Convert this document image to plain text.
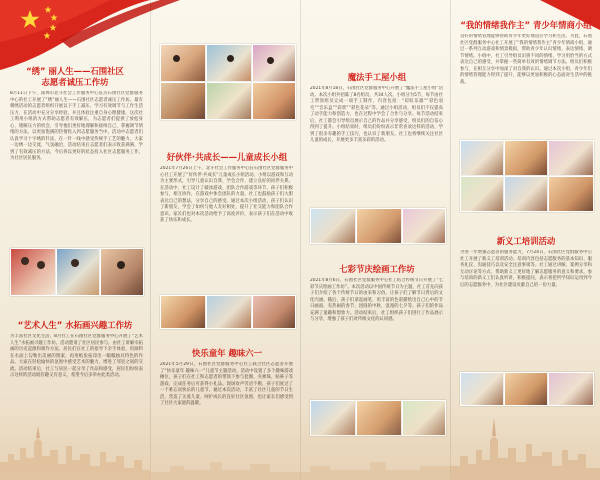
“绣” 丽人生——石围社区
志愿者诚压工作坊
8月11日下午，深圳市北斗社会工作服务中心驻点石围社区党群服务中心的社工开展了“绣”丽人生——石围社区志愿者诚压工作坊。最有刺绣活动的志愿者组织开展以下手工减压，学习有效调节与工作生活压力，在活动中充分分享经验，并且体验注重自身心理健康。这次社工利用小组的方式帮助志愿者有效解压，为志愿者们提供了放松身心、缓解压力的机会，引导他们更好地理解和接纳自己，掌握调节情绪的方法，以更加饱满的热情投入到志愿服务当中。活动中志愿者们认真学习十字绣的针法，在一针一线中感受传统手工艺的魅力。大家一边绣一边交流，气氛融洽，活动结束后志愿者们表示收获满满，学到了有效减压的方法，今后将以更好的状态投入社区志愿服务工作，为社区居民服务。
“艺术人生” 水拓画兴趣工作坊
为丰富社区文化生活，8月社工在石围社区党群服务中心开展了“艺术人生”水拓画兴趣工作坊。活动邀请了社区居民参与，由社工讲解水拓画的历史起源和制作方法，居民们在社工的指导下亲手体验，用颜料在水面上勾勒出美丽的图案，再用纸张拓印出一幅幅独具特色的作品。大家在轻松愉快的氛围中感受艺术的魅力，增进了邻里之间的交流。活动结束后，社工与居民一起分享了作品和感受，居民们纷纷表示这样的活动既有趣又有意义，希望今后多举办此类活动。
好伙伴·共成长——儿童成长小组
2021年7月26日上午，北斗社会工作服务中心驻石围社区党群服务中心社工开展了“好伙伴·共成长”儿童成长小组活动。小组以游戏和互动为主要形式，引导儿童认识自我、学会合作、建立良好的同伴关系。在活动中，社工设计了破冰游戏、团队合作游戏等环节，孩子们积极参与，相互协作，在游戏中体会团队的力量。社工也鼓励孩子们大胆表达自己的想法，分享自己的感受。通过本次小组活动，孩子们认识了新朋友，学会了如何与他人友好相处，提升了社交能力和团队合作意识。家长们也对本次活动给予了高度评价，表示孩子们在活动中收获了快乐和成长。
快乐童年 趣味六一
2021年5月29日，石围社区党群服务中心社工联合社区志愿者开展了“快乐童年 趣味六一”儿童节主题活动。活动中设置了多个趣味游戏摊位，孩子们在社工和志愿者的带领下参与套圈、夹弹珠、贴鼻子等游戏，完成任务后可获得小礼品。现场欢声笑语不断，孩子们度过了一个难忘而快乐的儿童节。通过本次活动，丰富了社区儿童的节日生活，营造了关爱儿童、呵护成长的良好社区氛围，也让家长们感受到了社区大家庭的温暖。
魔法手工屋小组
2021年8月18日，石围社区党群服务中心开展了“魔法手工屋小组”活动。本次小组共招募了8名组员，共34人次。小组分为5节，每节由社工带领组员完成一项手工制作，内容包括：“彩虹乐器”“彩色羽毛”“音乐盒”“彩蛋”“彩色花朵”等。通过小组活动，组员们不仅提高了动手能力和创造力，也在过程中学会了合作与分享。每节活动结束后，社工都会引导组员展示自己的作品并分享感受，组员们的自信心得到了提升。小组结束时，组员们纷纷表示非常喜欢这样的活动，学到了很多有趣的手工技巧，也认识了新朋友。社工也将继续关注社区儿童的成长，开展更多丰富多彩的活动。
七彩节庆绘画工作坊
2021年8月6日，石围社区党群服务中心社工结合传统节日开展了“七彩节庆绘画工作坊”。本次活动以中国传统节日为主题，社工首先向孩子们介绍了各个传统节日的由来和习俗，让孩子们了解节日背后的文化内涵。随后，孩子们拿起画笔，用丰富的色彩描绘出自己心中的节日画面，有热闹的春节、团圆的中秋、浪漫的七夕等。孩子们的作品充满了童趣和想象力。活动结束后，社工组织孩子们进行了作品展示与分享，增强了孩子们对传统文化的认同感。
“我的情绪我作主” 青少年情商小组
良好的情绪管理能够帮助青少年更好地适应学习和生活。为此，石围社区党群服务中心社工开展了“我的情绪我作主”青少年情商小组，通过一系列互动游戏和情景模拟，帮助青少年认识情绪、表达情绪、调节情绪。小组中，社工引导组员识别不同的情绪，学习用恰当的方式表达自己的感受，并掌握一些简单有效的情绪调节方法。组员们积极参与，在相互分享中加深了对自我的认识。通过本次小组，青少年们的情绪管理能力得到了提升，能够以更加积极的心态面对生活中的挑战。
新义工培训活动
为进一步增强志愿者的服务能力，7月24日，石围社区党群服务中心社工开展了新义工培训活动。培训内容包括志愿服务的基本知识、服务礼仪、沟通技巧以及安全注意事项等。社工通过讲解、案例分享和互动讨论等方式，帮助新义工更好地了解志愿服务的意义和要求。参与培训的新义工们认真听讲，积极提问，表示将把所学知识运用到今后的志愿服务中，为社区建设贡献自己的一份力量。
